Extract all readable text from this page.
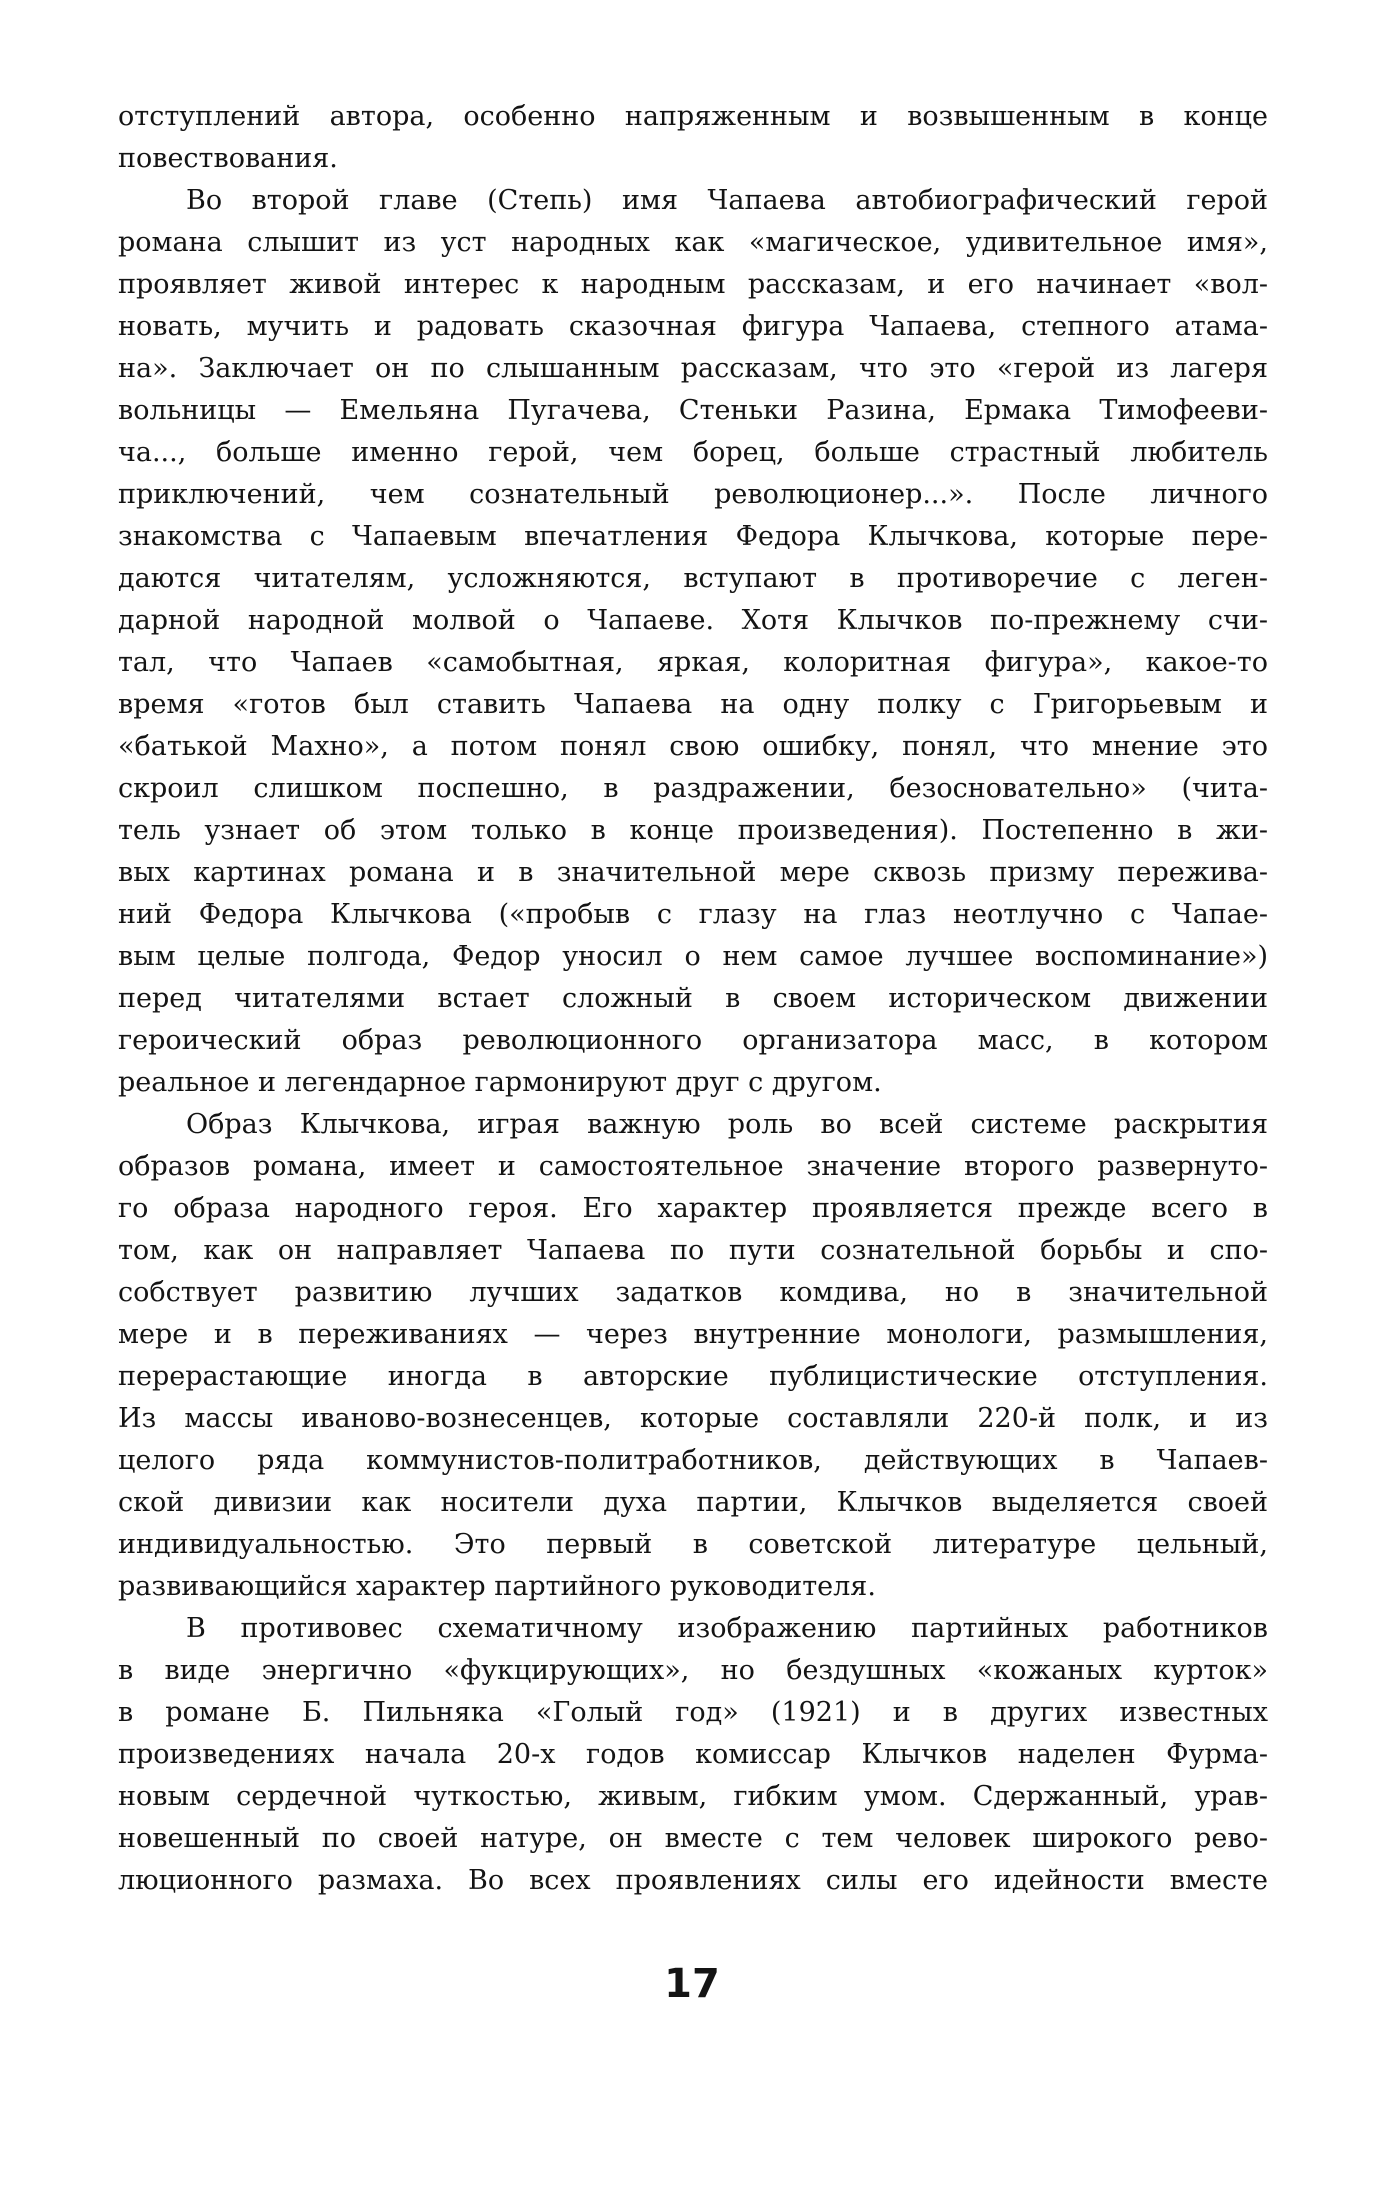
отступлений автора, особенно напряженным и возвышенным в конце
повествования.
Во второй главе (Степь) имя Чапаева автобиографический герой
романа слышит из уст народных как «магическое, удивительное имя»,
проявляет живой интерес к народным рассказам, и его начинает «вол-
новать, мучить и радовать сказочная фигура Чапаева, степного атама-
на». Заключает он по слышанным рассказам, что это «герой из лагеря
вольницы — Емельяна Пугачева, Стеньки Разина, Ермака Тимофееви-
ча..., больше именно герой, чем борец, больше страстный любитель
приключений, чем сознательный революционер...». После личного
знакомства с Чапаевым впечатления Федора Клычкова, которые пере-
даются читателям, усложняются, вступают в противоречие с леген-
дарной народной молвой о Чапаеве. Хотя Клычков по-прежнему счи-
тал, что Чапаев «самобытная, яркая, колоритная фигура», какое-то
время «готов был ставить Чапаева на одну полку с Григорьевым и
«батькой Махно», а потом понял свою ошибку, понял, что мнение это
скроил слишком поспешно, в раздражении, безосновательно» (чита-
тель узнает об этом только в конце произведения). Постепенно в жи-
вых картинах романа и в значительной мере сквозь призму пережива-
ний Федора Клычкова («пробыв с глазу на глаз неотлучно с Чапае-
вым целые полгода, Федор уносил о нем самое лучшее воспоминание»)
перед читателями встает сложный в своем историческом движении
героический образ революционного организатора масс, в котором
реальное и легендарное гармонируют друг с другом.
Образ Клычкова, играя важную роль во всей системе раскрытия
образов романа, имеет и самостоятельное значение второго развернуто-
го образа народного героя. Его характер проявляется прежде всего в
том, как он направляет Чапаева по пути сознательной борьбы и спо-
собствует развитию лучших задатков комдива, но в значительной
мере и в переживаниях — через внутренние монологи, размышления,
перерастающие иногда в авторские публицистические отступления.
Из массы иваново-вознесенцев, которые составляли 220-й полк, и из
целого ряда коммунистов-политработников, действующих в Чапаев-
ской дивизии как носители духа партии, Клычков выделяется своей
индивидуальностью. Это первый в советской литературе цельный,
развивающийся характер партийного руководителя.
В противовес схематичному изображению партийных работников
в виде энергично «фукцирующих», но бездушных «кожаных курток»
в романе Б. Пильняка «Голый год» (1921) и в других известных
произведениях начала 20-х годов комиссар Клычков наделен Фурма-
новым сердечной чуткостью, живым, гибким умом. Сдержанный, урав-
новешенный по своей натуре, он вместе с тем человек широкого рево-
люционного размаха. Во всех проявлениях силы его идейности вместе
17
